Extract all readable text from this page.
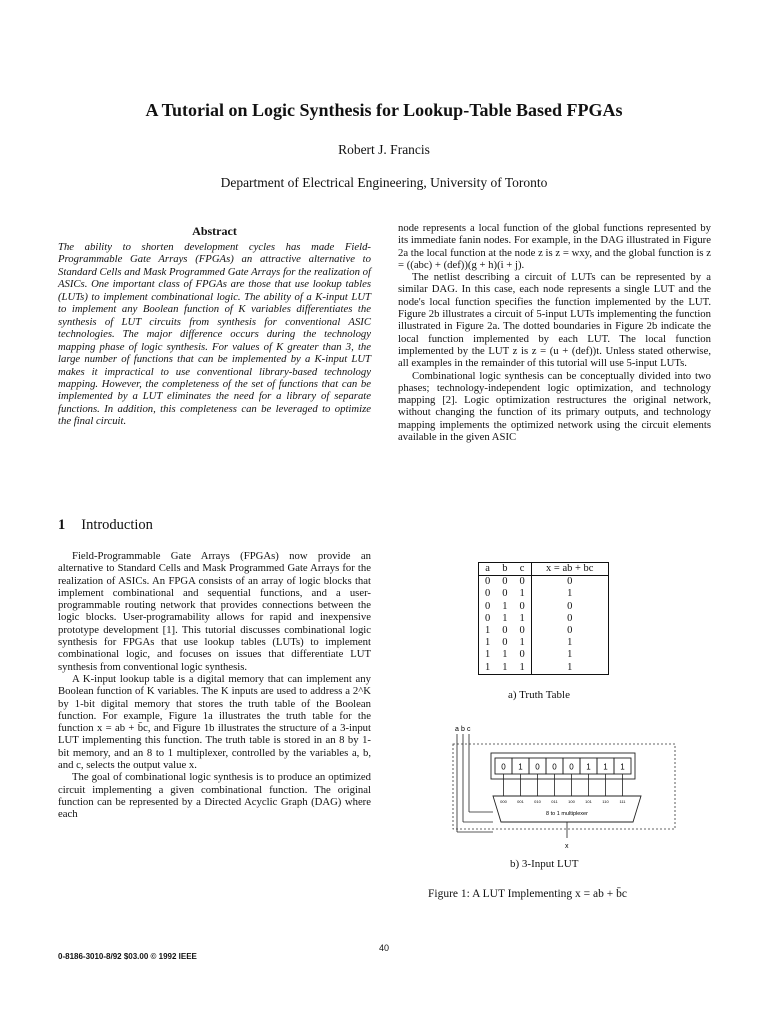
A Tutorial on Logic Synthesis for Lookup-Table Based FPGAs
Robert J. Francis
Department of Electrical Engineering, University of Toronto
Abstract
The ability to shorten development cycles has made Field-Programmable Gate Arrays (FPGAs) an attractive alternative to Standard Cells and Mask Programmed Gate Arrays for the realization of ASICs. One important class of FPGAs are those that use lookup tables (LUTs) to implement combinational logic. The ability of a K-input LUT to implement any Boolean function of K variables differentiates the synthesis of LUT circuits from synthesis for conventional ASIC technologies. The major difference occurs during the technology mapping phase of logic synthesis. For values of K greater than 3, the large number of functions that can be implemented by a K-input LUT makes it impractical to use conventional library-based technology mapping. However, the completeness of the set of functions that can be implemented by a LUT eliminates the need for a library of separate functions. In addition, this completeness can be leveraged to optimize the final circuit.
1 Introduction

Field-Programmable Gate Arrays (FPGAs) now provide an alternative to Standard Cells and Mask Programmed Gate Arrays for the realization of ASICs. An FPGA consists of an array of logic blocks that implement combinational and sequential functions, and a user-programmable routing network that provides connections between the logic blocks. User-programability allows for rapid and inexpensive prototype development [1]. This tutorial discusses combinational logic synthesis for FPGAs that use lookup tables (LUTs) to implement combinational logic, and focuses on issues that differentiate LUT synthesis from conventional logic synthesis.

A K-input lookup table is a digital memory that can implement any Boolean function of K variables. The K inputs are used to address a 2^K by 1-bit digital memory that stores the truth table of the Boolean function. For example, Figure 1a illustrates the truth table for the function x = ab + b̄c, and Figure 1b illustrates the structure of a 3-input LUT implementing this function. The truth table is stored in an 8 by 1-bit memory, and an 8 to 1 multiplexer, controlled by the variables a, b, and c, selects the output value x.

The goal of combinational logic synthesis is to produce an optimized circuit implementing a given combinational function. The original function can be represented by a Directed Acyclic Graph (DAG) where each

node represents a local function of the global functions represented by its immediate fanin nodes. For example, in the DAG illustrated in Figure 2a the local function at the node z is z = wxy, and the global function is z = ((abc) + (def))(g + h)(i + j).

The netlist describing a circuit of LUTs can be represented by a similar DAG. In this case, each node represents a single LUT and the node's local function specifies the function implemented by the LUT. Figure 2b illustrates a circuit of 5-input LUTs implementing the function illustrated in Figure 2a. The dotted boundaries in Figure 2b indicate the local function implemented by each LUT. The local function implemented by the LUT z is z = (u + (def))t. Unless stated otherwise, all examples in the remainder of this tutorial will use 5-input LUTs.

Combinational logic synthesis can be conceptually divided into two phases; technology-independent logic optimization, and technology mapping [2]. Logic optimization restructures the original network, without changing the function of its primary outputs, and technology mapping implements the optimized network using the circuit elements available in the given ASIC

a	b	c	x = ab + b̄c
0	0	0	0
0	0	1	1
0	1	0	0
0	1	1	0
1	0	0	0
1	0	1	1
1	1	0	1
1	1	1	1
a) Truth Table
a b c
0 1 0 0 0 1 1 1
000	001	010	011	100	101	110	111
8 to 1 multiplexer
x
b) 3-Input LUT
Figure 1: A LUT Implementing x = ab + b̄c
40
0-8186-3010-8/92 $03.00 © 1992 IEEE
